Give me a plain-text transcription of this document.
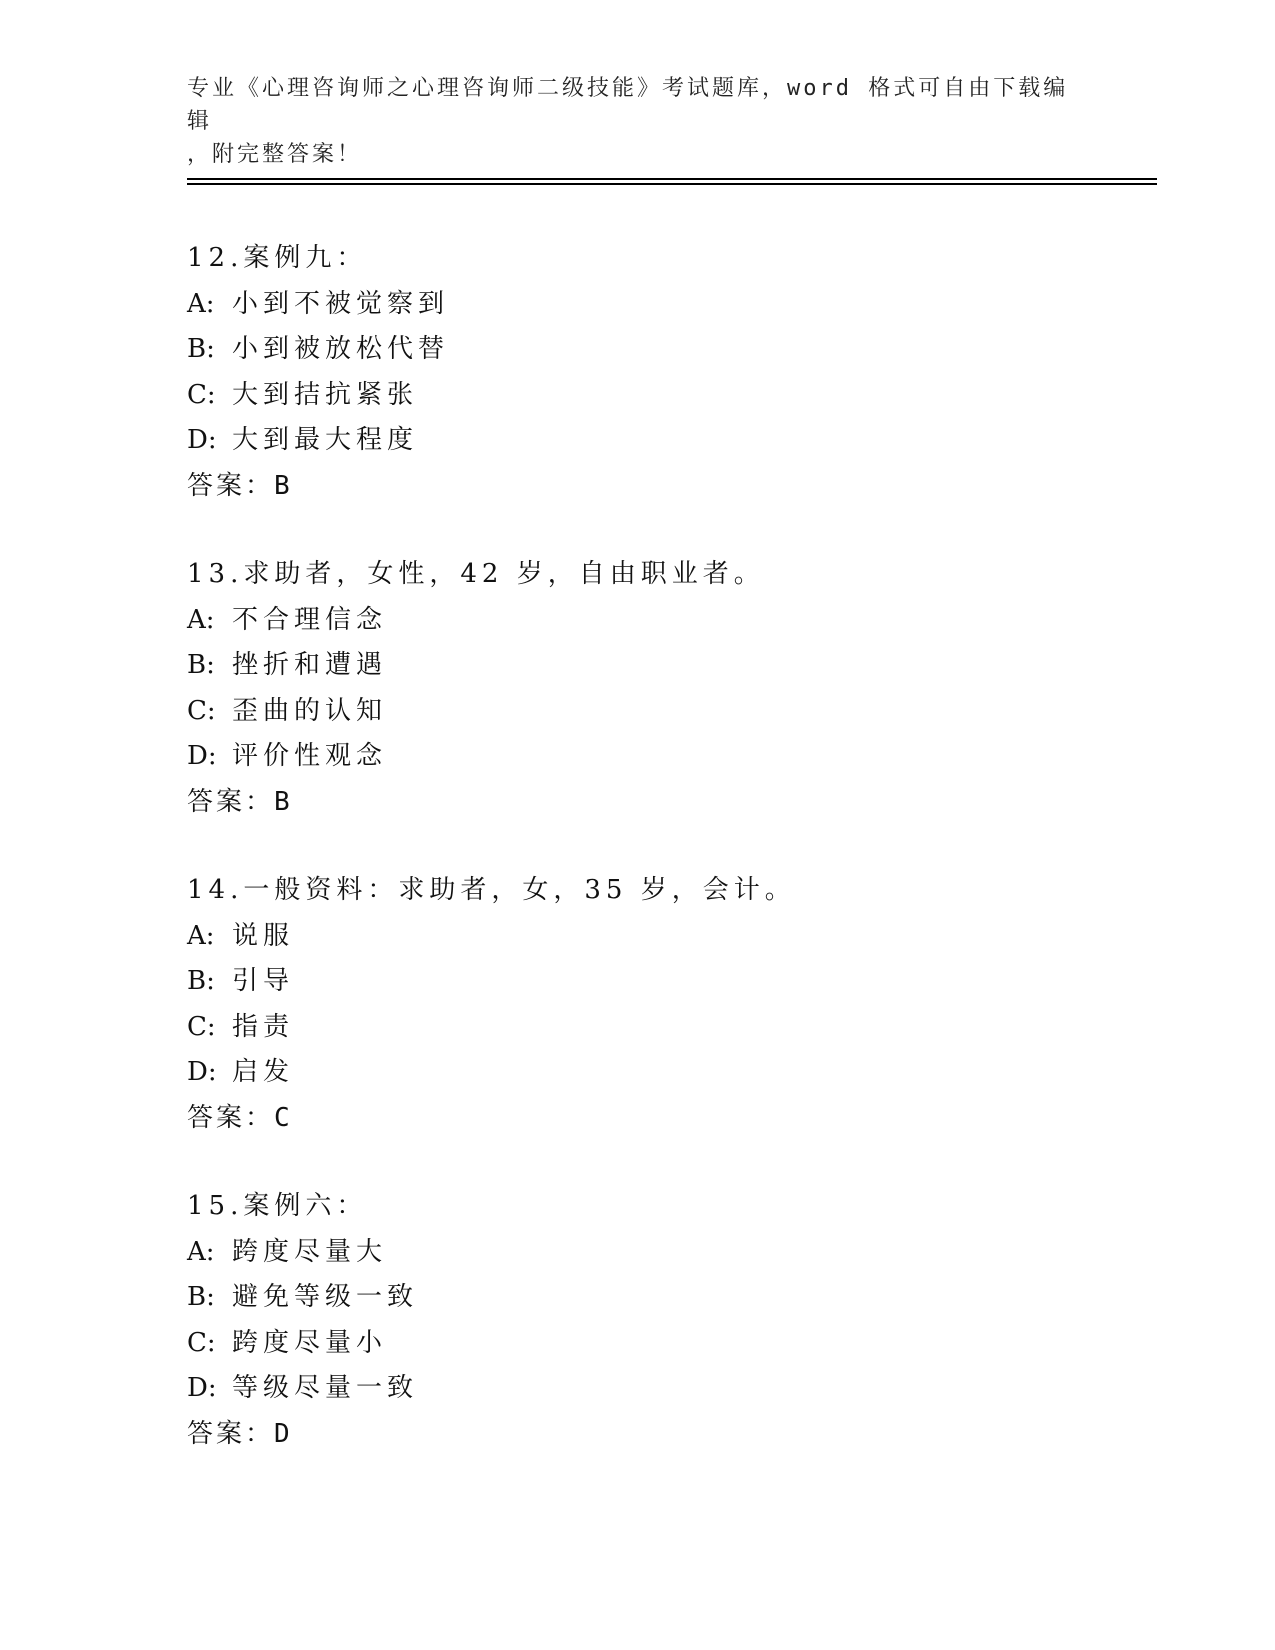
专业《心理咨询师之心理咨询师二级技能》考试题库，word 格式可自由下载编辑
，附完整答案！
12.案例九：
A: 小到不被觉察到
B: 小到被放松代替
C: 大到拮抗紧张
D: 大到最大程度
答案：B
13.求助者，女性，42 岁，自由职业者。
A: 不合理信念
B: 挫折和遭遇
C: 歪曲的认知
D: 评价性观念
答案：B
14.一般资料：求助者，女，35 岁，会计。
A: 说服
B: 引导
C: 指责
D: 启发
答案：C
15.案例六：
A: 跨度尽量大
B: 避免等级一致
C: 跨度尽量小
D: 等级尽量一致
答案：D
